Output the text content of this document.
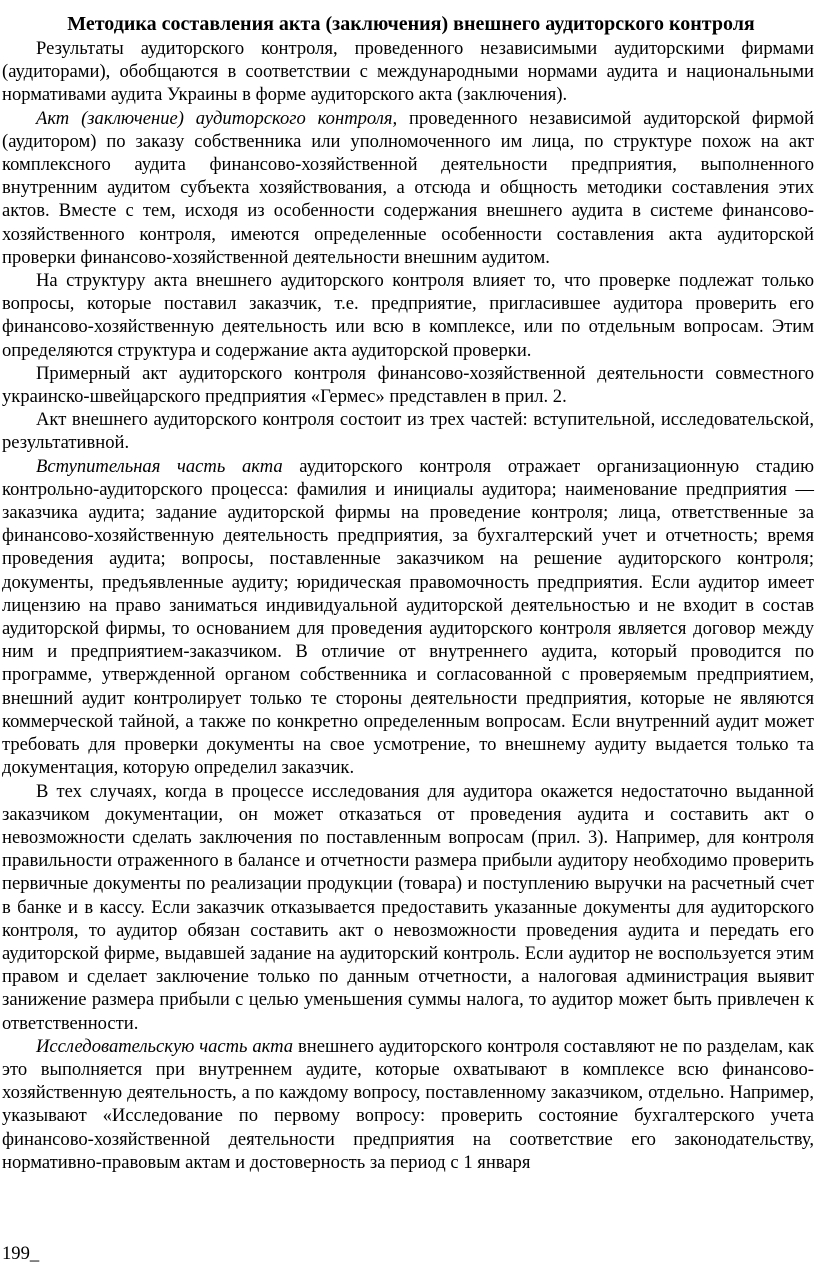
Методика составления акта (заключения) внешнего аудиторского контроля

Результаты аудиторского контроля, проведенного независимыми аудиторскими фирмами (аудиторами), обобщаются в соответствии с международными нормами аудита и национальными нормативами аудита Украины в форме аудиторского акта (заключения).

Акт (заключение) аудиторского контроля, проведенного независимой аудиторской фирмой (аудитором) по заказу собственника или уполномоченного им лица, по структуре похож на акт комплексного аудита финансово-хозяйственной деятельности предприятия, выполненного внутренним аудитом субъекта хозяйствования, а отсюда и общность методики составления этих актов. Вместе с тем, исходя из особенности содержания внешнего аудита в системе финансово-хозяйственного контроля, имеются определенные особенности составления акта аудиторской проверки финансово-хозяйственной деятельности внешним аудитом.

На структуру акта внешнего аудиторского контроля влияет то, что проверке подлежат только вопросы, которые поставил заказчик, т.е. предприятие, пригласившее аудитора проверить его финансово-хозяйственную деятельность или всю в комплексе, или по отдельным вопросам. Этим определяются структура и содержание акта аудиторской проверки.

Примерный акт аудиторского контроля финансово-хозяйственной деятельности совместного украинско-швейцарского предприятия «Гермес» представлен в прил. 2.

Акт внешнего аудиторского контроля состоит из трех частей: вступительной, исследовательской, результативной.

Вступительная часть акта аудиторского контроля отражает организационную стадию контрольно-аудиторского процесса: фамилия и инициалы аудитора; наименование предприятия — заказчика аудита; задание аудиторской фирмы на проведение контроля; лица, ответственные за финансово-хозяйственную деятельность предприятия, за бухгалтерский учет и отчетность; время проведения аудита; вопросы, поставленные заказчиком на решение аудиторского контроля; документы, предъявленные аудиту; юридическая правомочность предприятия. Если аудитор имеет лицензию на право заниматься индивидуальной аудиторской деятельностью и не входит в состав аудиторской фирмы, то основанием для проведения аудиторского контроля является договор между ним и предприятием-заказчиком. В отличие от внутреннего аудита, который проводится по программе, утвержденной органом собственника и согласованной с проверяемым предприятием, внешний аудит контролирует только те стороны деятельности предприятия, которые не являются коммерческой тайной, а также по конкретно определенным вопросам. Если внутренний аудит может требовать для проверки документы на свое усмотрение, то внешнему аудиту выдается только та документация, которую определил заказчик.

В тех случаях, когда в процессе исследования для аудитора окажется недостаточно выданной заказчиком документации, он может отказаться от проведения аудита и составить акт о невозможности сделать заключения по поставленным вопросам (прил. 3). Например, для контроля правильности отраженного в балансе и отчетности размера прибыли аудитору необходимо проверить первичные документы по реализации продукции (товара) и поступлению выручки на расчетный счет в банке и в кассу. Если заказчик отказывается предоставить указанные документы для аудиторского контроля, то аудитор обязан составить акт о невозможности проведения аудита и передать его аудиторской фирме, выдавшей задание на аудиторский контроль. Если аудитор не воспользуется этим правом и сделает заключение только по данным отчетности, а налоговая администрация выявит занижение размера прибыли с целью уменьшения суммы налога, то аудитор может быть привлечен к ответственности.

Исследовательскую часть акта внешнего аудиторского контроля составляют не по разделам, как это выполняется при внутреннем аудите, которые охватывают в комплексе всю финансово-хозяйственную деятельность, а по каждому вопросу, поставленному заказчиком, отдельно. Например, указывают «Исследование по первому вопросу: проверить состояние бухгалтерского учета финансово-хозяйственной деятельности предприятия на соответствие его законодательству, нормативно-правовым актам и достоверность за период с 1 января

199_
